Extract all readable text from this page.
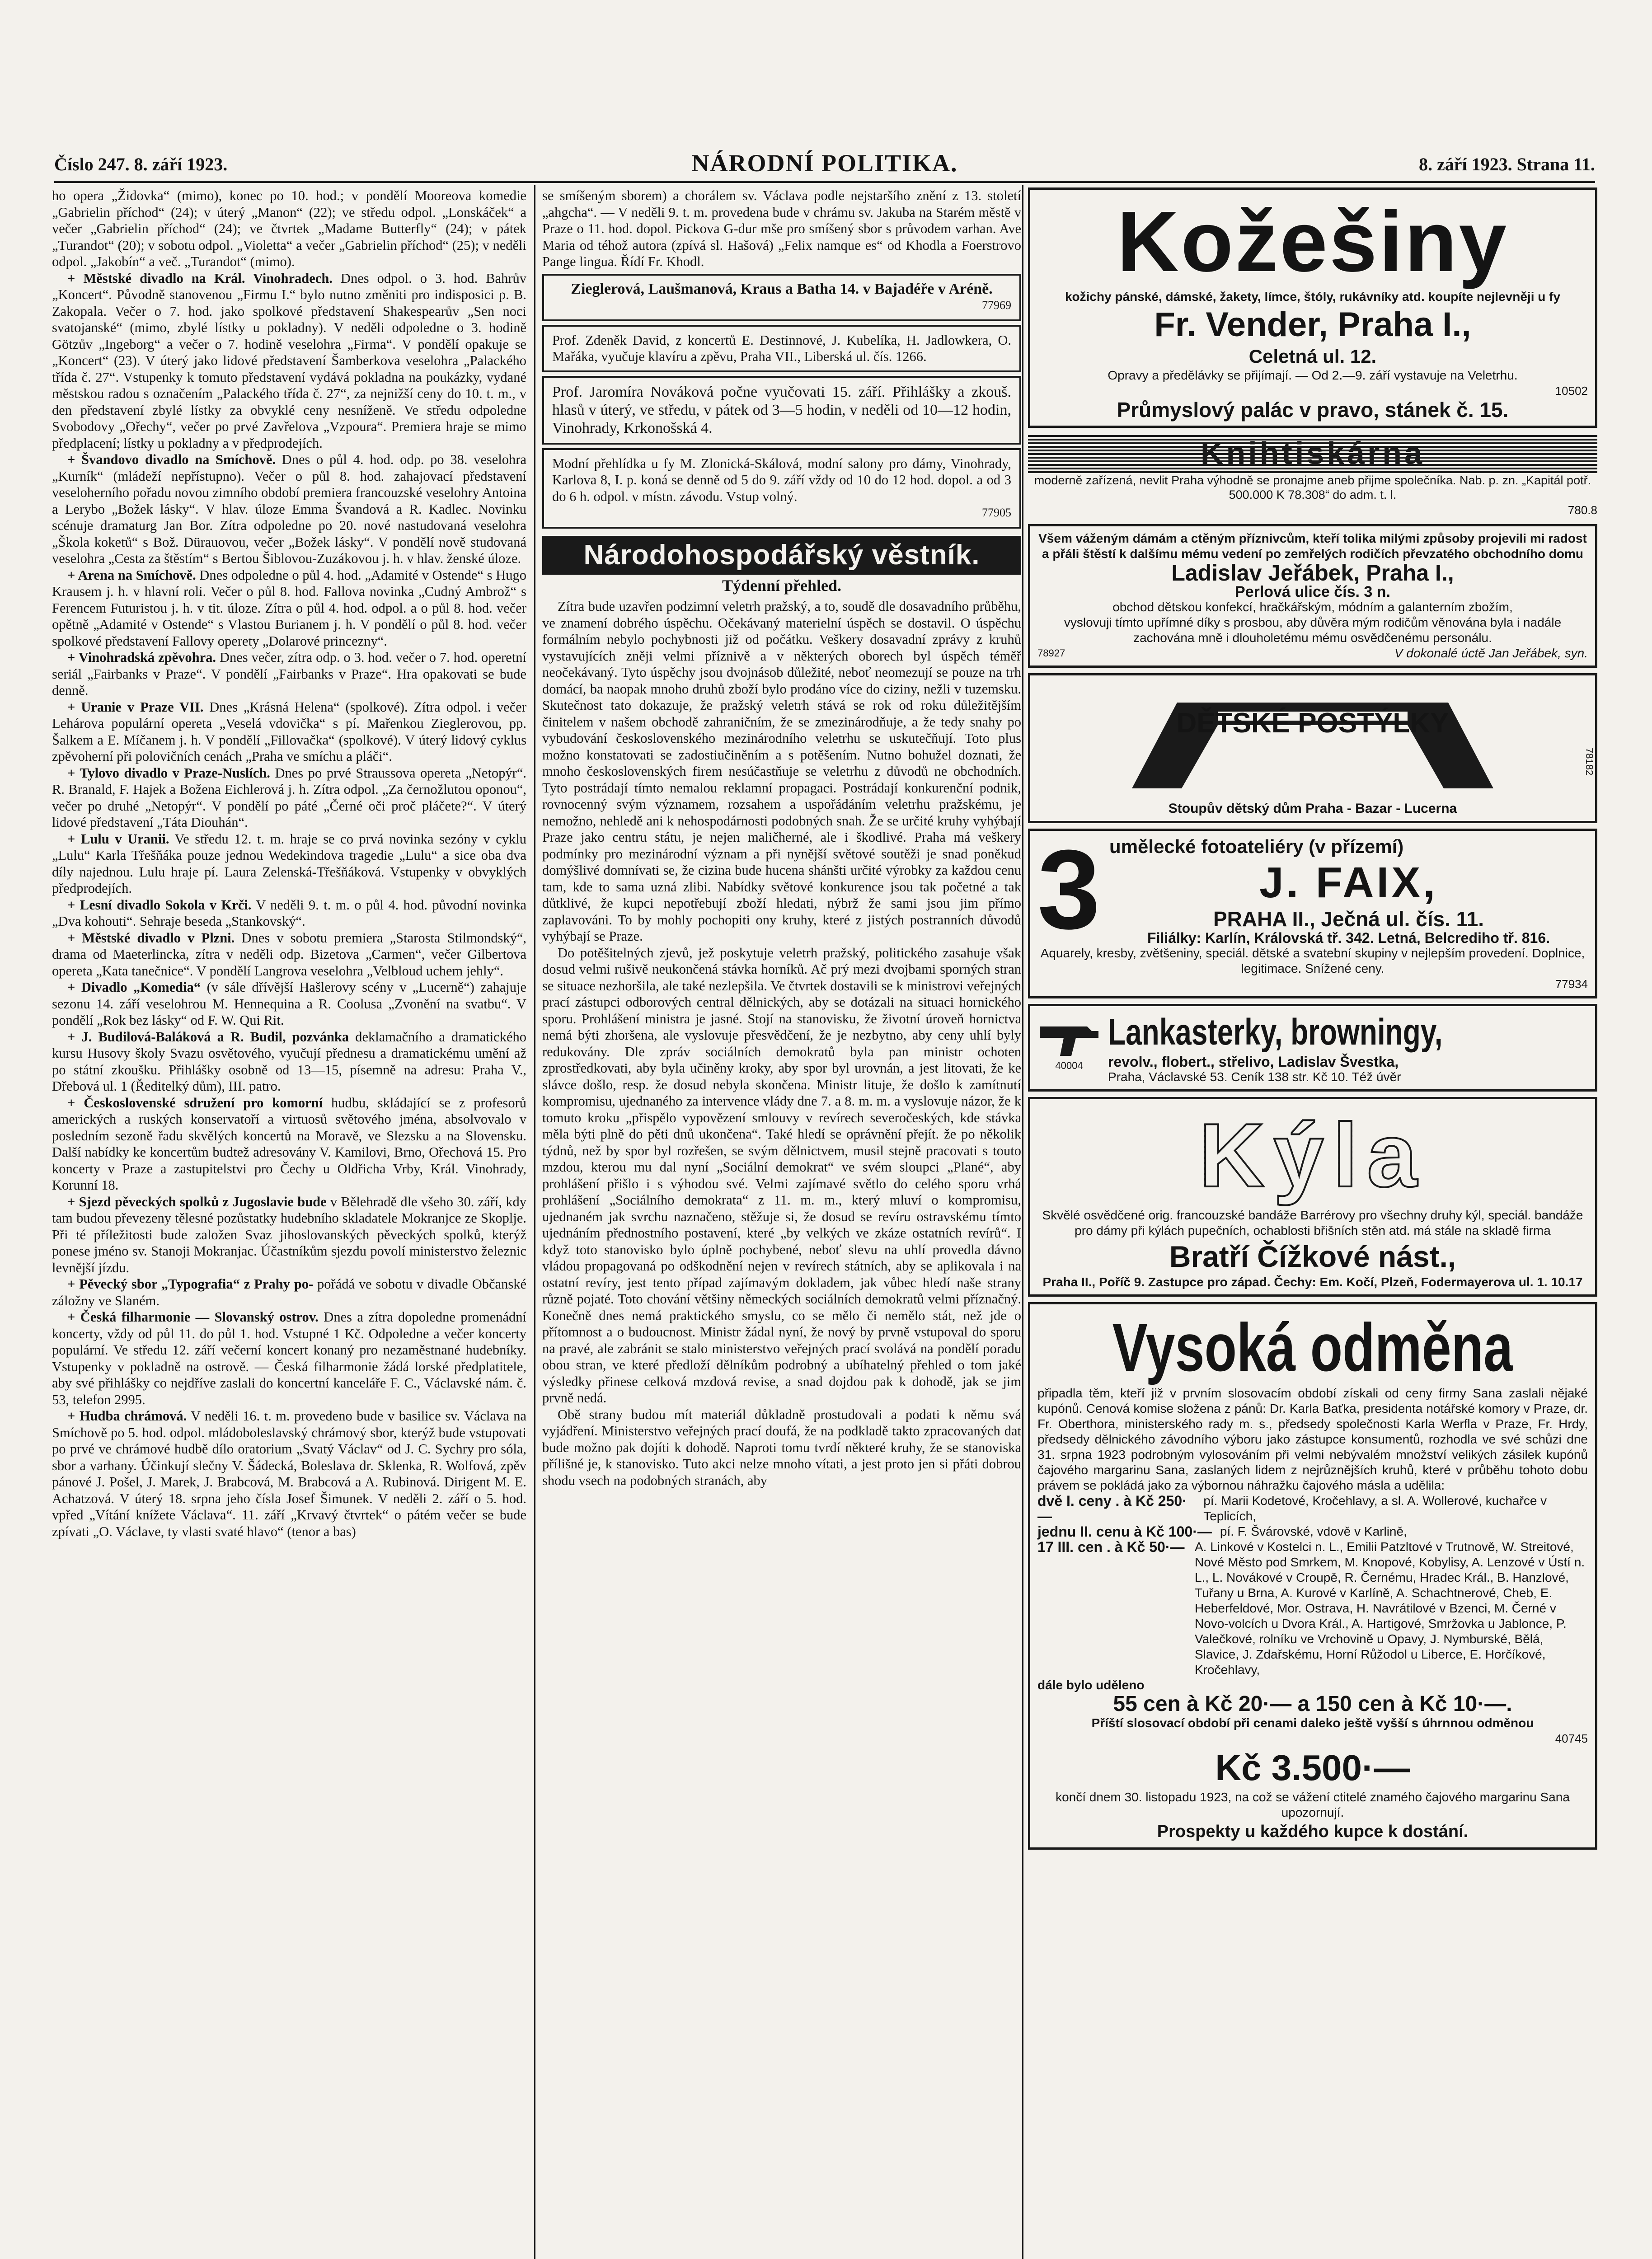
Číslo 247. 8. září 1923.	NÁRODNÍ POLITIKA.	8. září 1923. Strana 11.

ho opera „Židovka“ (mimo), konec po 10. hod.; v pondělí Mooreova komedie „Gabrielin příchod“ (24); v úterý „Manon“ (22); ve středu odpol. „Lonskáček“ a večer „Gabrielin příchod“ (24); ve čtvrtek „Madame Butterfly“ (24); v pátek „Turandot“ (20); v sobotu odpol. „Violetta“ a večer „Gabrielin příchod“ (25); v neděli odpol. „Jakobín“ a več. „Turandot“ (mimo).

+ Městské divadlo na Král. Vinohradech. Dnes odpol. o 3. hod. Bahrův „Koncert“. Původně stanovenou „Firmu I.“ bylo nutno změniti pro indisposici p. B. Zakopala. Večer o 7. hod. jako spolkové představení Shakespearův „Sen noci svatojanské“ (mimo, zbylé lístky u pokladny). V neděli odpoledne o 3. hodině Götzův „Ingeborg“ a večer o 7. hodině veselohra „Firma“. V pondělí opakuje se „Koncert“ (23). V úterý jako lidové představení Šamberkova veselohra „Palackého třída č. 27“. Vstupenky k tomuto představení vydává pokladna na poukázky, vydané městskou radou s označením „Palackého třída č. 27“, za nejnižší ceny do 10. t. m., v den představení zbylé lístky za obvyklé ceny nesníženě. Ve středu odpoledne Svobodovy „Ořechy“, večer po prvé Zavřelova „Vzpoura“. Premiera hraje se mimo předplacení; lístky u pokladny a v předprodejích.

+ Švandovo divadlo na Smíchově. Dnes o půl 4. hod. odp. po 38. veselohra „Kurník“ (mládeží nepřístupno). Večer o půl 8. hod. zahajovací představení veseloherního pořadu novou zimního období premiera francouzské veselohry Antoina a Lerybo „Božek lásky“. V hlav. úloze Emma Švandová a R. Kadlec. Novinku scénuje dramaturg Jan Bor. Zítra odpoledne po 20. nové nastudovaná veselohra „Škola koketů“ s Bož. Dürauovou, večer „Božek lásky“. V pondělí nově studovaná veselohra „Cesta za štěstím“ s Bertou Šiblovou-Zuzákovou j. h. v hlav. ženské úloze.

+ Arena na Smíchově. Dnes odpoledne o půl 4. hod. „Adamité v Ostende“ s Hugo Krausem j. h. v hlavní roli. Večer o půl 8. hod. Fallova novinka „Cudný Ambrož“ s Ferencem Futuristou j. h. v tit. úloze. Zítra o půl 4. hod. odpol. a o půl 8. hod. večer opětně „Adamité v Ostende“ s Vlastou Burianem j. h. V pondělí o půl 8. hod. večer spolkové představení Fallovy operety „Dolarové princezny“.

+ Vinohradská zpěvohra. Dnes večer, zítra odp. o 3. hod. večer o 7. hod. operetní seriál „Fairbanks v Praze“. V pondělí „Fairbanks v Praze“. Hra opakovati se bude denně.

+ Uranie v Praze VII. Dnes „Krásná Helena“ (spolkové). Zítra odpol. i večer Lehárova populární opereta „Veselá vdovička“ s pí. Mařenkou Zieglerovou, pp. Šalkem a E. Míčanem j. h. V pondělí „Fillovačka“ (spolkové). V úterý lidový cyklus zpěvoherní při polovičních cenách „Praha ve smíchu a pláči“.

+ Tylovo divadlo v Praze-Nuslích. Dnes po prvé Straussova opereta „Netopýr“. R. Branald, F. Hajek a Božena Eichlerová j. h. Zítra odpol. „Za černožlutou oponou“, večer po druhé „Netopýr“. V pondělí po páté „Černé oči proč pláčete?“. V úterý lidové představení „Táta Diouhán“.

+ Lulu v Uranii. Ve středu 12. t. m. hraje se co prvá novinka sezóny v cyklu „Lulu“ Karla Třešňáka pouze jednou Wedekindova tragedie „Lulu“ a sice oba dva díly najednou. Lulu hraje pí. Laura Zelenská-Třešňáková. Vstupenky v obvyklých předprodejích.

+ Lesní divadlo Sokola v Krči. V neděli 9. t. m. o půl 4. hod. původní novinka „Dva kohouti“. Sehraje beseda „Stankovský“.

+ Městské divadlo v Plzni. Dnes v sobotu premiera „Starosta Stilmondský“, drama od Maeterlincka, zítra v neděli odp. Bizetova „Carmen“, večer Gilbertova opereta „Kata tanečnice“. V pondělí Langrova veselohra „Velbloud uchem jehly“.

+ Divadlo „Komedia“ (v sále dřívější Hašlerovy scény v „Lucerně“) zahajuje sezonu 14. září veselohrou M. Hennequina a R. Coolusa „Zvonění na svatbu“. V pondělí „Rok bez lásky“ od F. W. Qui Rit.

+ J. Budilová-Baláková a R. Budil, pozvánka deklamačního a dramatického kursu Husovy školy Svazu osvětového, vyučují přednesu a dramatickému umění až po státní zkoušku. Přihlášky osobně od 13—15, písemně na adresu: Praha V., Dřebová ul. 1 (Ředitelký dům), III. patro.

+ Československé sdružení pro komorní hudbu, skládající se z profesorů amerických a ruských konservatoří a virtuosů světového jména, absolvovalo v posledním sezoně řadu skvělých koncertů na Moravě, ve Slezsku a na Slovensku. Další nabídky ke koncertům budtež adresovány V. Kamilovi, Brno, Ořechová 15. Pro koncerty v Praze a zastupitelstvi pro Čechy u Oldřicha Vrby, Král. Vinohrady, Korunní 18.

+ Sjezd pěveckých spolků z Jugoslavie bude v Bělehradě dle všeho 30. září, kdy tam budou převezeny tělesné pozůstatky hudebního skladatele Mokranjce ze Skoplje. Při té příležitosti bude založen Svaz jihoslovanských pěveckých spolků, kterýž ponese jméno sv. Stanoji Mokranjac. Účastníkům sjezdu povolí ministerstvo železnic levnější jízdu.

+ Pěvecký sbor „Typografia“ z Prahy po- pořádá ve sobotu v divadle Občanské záložny ve Slaném.

+ Česká filharmonie — Slovanský ostrov. Dnes a zítra dopoledne promenádní koncerty, vždy od půl 11. do půl 1. hod. Vstupné 1 Kč. Odpoledne a večer koncerty populární. Ve středu 12. září večerní koncert konaný pro nezaměstnané hudebníky. Vstupenky v pokladně na ostrově. — Česká filharmonie žádá lorské předplatitele, aby své přihlášky co nejdříve zaslali do koncertní kanceláře F. C., Václavské nám. č. 53, telefon 2995.

+ Hudba chrámová. V neděli 16. t. m. provedeno bude v basilice sv. Václava na Smíchově po 5. hod. odpol. mládoboleslavský chrámový sbor, kterýž bude vstupovati po prvé ve chrámové hudbě dílo oratorium „Svatý Václav“ od J. C. Sychry pro sóla, sbor a varhany. Účinkují slečny V. Šádecká, Boleslava dr. Sklenka, R. Wolfová, zpěv pánové J. Pošel, J. Marek, J. Brabcová, M. Brabcová a A. Rubinová. Dirigent M. E. Achatzová. V úterý 18. srpna jeho čísla Josef Šimunek. V neděli 2. září o 5. hod. vpřed „Vítání knížete Václava“. 11. září „Krvavý čtvrtek“ o pátém večer se bude zpívati „O. Václave, ty vlasti svaté hlavo“ (tenor a bas)

se smíšeným sborem) a chorálem sv. Václava podle nejstaršího znění z 13. století „ahgcha“. — V neděli 9. t. m. provedena bude v chrámu sv. Jakuba na Starém městě v Praze o 11. hod. dopol. Pickova G-dur mše pro smíšený sbor s průvodem varhan. Ave Maria od téhož autora (zpívá sl. Hašová) „Felix namque es“ od Khodla a Foerstrovo Pange lingua. Řídí Fr. Khodl.

Zieglerová, Laušmanová, Kraus a Batha 14. v Bajadéře v Aréně.
77969
Prof. Zdeněk David, z koncertů E. Destinnové, J. Kubelíka, H. Jadlowkera, O. Mařáka, vyučuje klavíru a zpěvu, Praha VII., Liberská ul. čís. 1266.
Prof. Jaromíra Nováková počne vyučovati 15. září. Přihlášky a zkouš. hlasů v úterý, ve středu, v pátek od 3—5 hodin, v neděli od 10—12 hodin, Vinohrady, Krkonošská 4.
Modní přehlídka u fy M. Zlonická-Skálová, modní salony pro dámy, Vinohrady, Karlova 8, I. p. koná se denně od 5 do 9. září vždy od 10 do 12 hod. dopol. a od 3 do 6 h. odpol. v místn. závodu. Vstup volný.
77905
Národohospodářský věstník.
Týdenní přehled.

Zítra bude uzavřen podzimní veletrh pražský, a to, soudě dle dosavadního průběhu, ve znamení dobrého úspěchu. Očekávaný materielní úspěch se dostavil. O úspěchu formálním nebylo pochybnosti již od počátku. Veškery dosavadní zprávy z kruhů vystavujících zněji velmi příznivě a v některých oborech byl úspěch téměř neočekávaný. Tyto úspěchy jsou dvojnásob důležité, neboť neomezují se pouze na trh domácí, ba naopak mnoho druhů zboží bylo prodáno více do ciziny, nežli v tuzemsku. Skutečnost tato dokazuje, že pražský veletrh stává se rok od roku důležitějším činitelem v našem obchodě zahraničním, že se zmezinárodňuje, a že tedy snahy po vybudování československého mezinárodního veletrhu se uskutečňují. Toto plus možno konstatovati se zadostiučiněním a s potěšením. Nutno bohužel doznati, že mnoho československých firem nesúčastňuje se veletrhu z důvodů ne obchodních. Tyto postrádají tímto nemalou reklamní propagaci. Postrádají konkurenční podnik, rovnocenný svým významem, rozsahem a uspořádáním veletrhu pražskému, je nemožno, nehledě ani k nehospodárnosti podobných snah. Že se určité kruhy vyhýbají Praze jako centru státu, je nejen maličherné, ale i škodlivé. Praha má veškery podmínky pro mezinárodní význam a při nynější světové soutěži je snad poněkud domýšlivé domnívati se, že cizina bude hucena shánšti určité výrobky za každou cenu tam, kde to sama uzná zlibi. Nabídky světové konkurence jsou tak početné a tak důtklivé, že kupci nepotřebují zboží hledati, nýbrž že sami jsou jim přímo zaplavováni. To by mohly pochopiti ony kruhy, které z jistých postranních důvodů vyhýbají se Praze.

Do potěšitelných zjevů, jež poskytuje veletrh pražský, politického zasahuje však dosud velmi rušivě neukončená stávka horníků. Ač prý mezi dvojbami sporných stran se situace nezhoršila, ale také nezlepšila. Ve čtvrtek dostavili se k ministrovi veřejných prací zástupci odborových central dělnických, aby se dotázali na situaci hornického sporu. Prohlášení ministra je jasné. Stojí na stanovisku, že životní úroveň hornictva nemá býti zhoršena, ale vyslovuje přesvědčení, že je nezbytno, aby ceny uhlí byly redukovány. Dle zpráv sociálních demokratů byla pan ministr ochoten zprostředkovati, aby byla učiněny kroky, aby spor byl urovnán, a jest litovati, že ke slávce došlo, resp. že dosud nebyla skončena. Ministr lituje, že došlo k zamítnutí kompromisu, ujednaného za intervence vlády dne 7. a 8. m. m. a vyslovuje názor, že k tomuto kroku „přispělo vypovězení smlouvy v revírech severočeských, kde stávka měla býti plně do pěti dnů ukončena“. Také hledí se oprávnění přejít. že po několik týdnů, než by spor byl rozřešen, se svým dělnictvem, musil stejně pracovati s touto mzdou, kterou mu dal nyní „Sociální demokrat“ ve svém sloupci „Plané“, aby prohlášení přišlo i s výhodou své. Velmi zajímavé světlo do celého sporu vrhá prohlášení „Sociálního demokrata“ z 11. m. m., který mluví o kompromisu, ujednaném jak svrchu naznačeno, stěžuje si, že dosud se revíru ostravskému tímto ujednáním přednostního postavení, které „by velkých ve zkáze ostatních revírů“. I když toto stanovisko bylo úplně pochybené, neboť slevu na uhlí provedla dávno vládou propagovaná po odškodnění nejen v revírech státních, aby se aplikovala i na ostatní revíry, jest tento případ zajímavým dokladem, jak vůbec hledí naše strany různě pojaté. Toto chování většiny německých sociálních demokratů velmi příznačný. Konečně dnes nemá praktického smyslu, co se mělo či nemělo stát, než jde o přítomnost a o budoucnost. Ministr žádal nyní, že nový by prvně vstupoval do sporu na pravé, ale zabránit se stalo ministerstvo veřejných prací svolává na pondělí poradu obou stran, ve které předloží dělníkům podrobný a ubíhatelný přehled o tom jaké výsledky přinese celková mzdová revise, a snad dojdou pak k dohodě, jak se jim prvně nedá.

Obě strany budou mít materiál důkladně prostudovali a podati k němu svá vyjádření. Ministerstvo veřejných prací doufá, že na podkladě takto zpracovaných dat bude možno pak dojíti k dohodě. Naproti tomu tvrdí některé kruhy, že se stanoviska přílišné je, k stanovisko. Tuto akci nelze mnoho vítati, a jest proto jen si přáti dobrou shodu vsech na podobných stranách, aby

Kožešiny
kožichy pánské, dámské, žakety, límce, štóly, rukávníky atd. koupíte nejlevněji u fy
Fr. Vender, Praha I.,
Celetná ul. 12.
Opravy a předělávky se přijímají. — Od 2.—9. září vystavuje na Veletrhu.
10502
Průmyslový palác v pravo, stánek č. 15.
Knihtiskárna
moderně zařízená, nevlit Praha výhodně se pronajme aneb přijme společníka. Nab. p. zn. „Kapitál potř. 500.000 K 78.308“ do adm. t. l.
780.8
Všem váženým dámám a ctěným příznivcům, kteří tolika milými způsoby projevili mi radost a přáli štěstí k dalšímu mému vedení po zemřelých rodičích převzatého obchodního domu
Ladislav Jeřábek, Praha I.,
Perlová ulice čís. 3 n.
obchod dětskou konfekcí, hračkářským, módním a galanterním zbožím,
vyslovuji tímto upřímné díky s prosbou, aby důvěra mým rodičům věnována byla i nadále zachována mně i dlouholetému mému osvědčenému personálu.
78927	V dokonalé úctě Jan Jeřábek, syn.
DĚTSKÉ POSTÝLKY
Stoupův dětský dům Praha - Bazar - Lucerna
78182
3 umělecké fotoateliéry (v přízemí)
J. FAIX,
PRAHA II., Ječná ul. čís. 11.
Filiálky: Karlín, Královská tř. 342. Letná, Belcrediho tř. 816.
Aquarely, kresby, zvětšeniny, speciál. dětské a svatební skupiny v nejlepším provedení. Doplnice, legitimace. Snížené ceny.
77934
40004
Lankasterky, browningy,
revolv., flobert., střelivo, Ladislav Švestka,
Praha, Václavské 53. Ceník 138 str. Kč 10. Též úvěr
Kýla
Skvělé osvědčené orig. francouzské bandáže Barrérovy pro všechny druhy kýl, speciál. bandáže pro dámy při kýlách pupečních, ochablosti břišních stěn atd. má stále na skladě firma
Bratří Čížkové nást.,
Praha II., Poříč 9. Zastupce pro západ. Čechy: Em. Kočí, Plzeň, Fodermayerova ul. 1. 10.17
Vysoká odměna
připadla těm, kteří již v prvním slosovacím období získali od ceny firmy Sana zaslali nějaké kupónů. Cenová komise složena z pánů: Dr. Karla Baťka, presidenta notářské komory v Praze, dr. Fr. Oberthora, ministerského rady m. s., předsedy společnosti Karla Werfla v Praze, Fr. Hrdy, předsedy dělnického závodního výboru jako zástupce konsumentů, rozhodla ve své schůzi dne 31. srpna 1923 podrobným vylosováním při velmi nebývalém množství velikých zásilek kupónů čajového margarinu Sana, zaslaných lidem z nejrůznějších kruhů, které v průběhu tohoto dobu právem se pokládá jako za výbornou náhražku čajového másla a udělila:
dvě I. ceny . à Kč 250·—
pí. Marii Kodetové, Kročehlavy, a sl. A. Wollerové, kuchařce v Teplicích,
jednu II. cenu à Kč 100·— pí. F. Švárovské, vdově v Karlině,
17 III. cen . à Kč 50·— A. Linkové v Kostelci n. L., Emilii Patzltové v Trutnově, W. Streitové, Nové Město pod Smrkem, M. Knopové, Kobylisy, A. Lenzové v Ústí n. L., L. Novákové v Croupě, R. Černému, Hradec Král., B. Hanzlové, Tuřany u Brna, A. Kurové v Karlíně, A. Schachtnerové, Cheb, E. Heberfeldové, Mor. Ostrava, H. Navrátilové v Bzenci, M. Černé v Novo-volcích u Dvora Král., A. Hartigové, Smržovka u Jablonce, P. Valečkové, rolníku ve Vrchovině u Opavy, J. Nymburské, Bělá, Slavice, J. Zdařskému, Horní Růžodol u Liberce, E. Horčíkové, Kročehlavy,
dále bylo uděleno
55 cen à Kč 20·— a 150 cen à Kč 10·—.
Příští slosovací období při cenami daleko ještě vyšší s úhrnnou odměnou
40745
Kč 3.500·—
končí dnem 30. listopadu 1923, na což se vážení ctitelé znamého čajového margarinu Sana upozornují.
Prospekty u každého kupce k dostání.
